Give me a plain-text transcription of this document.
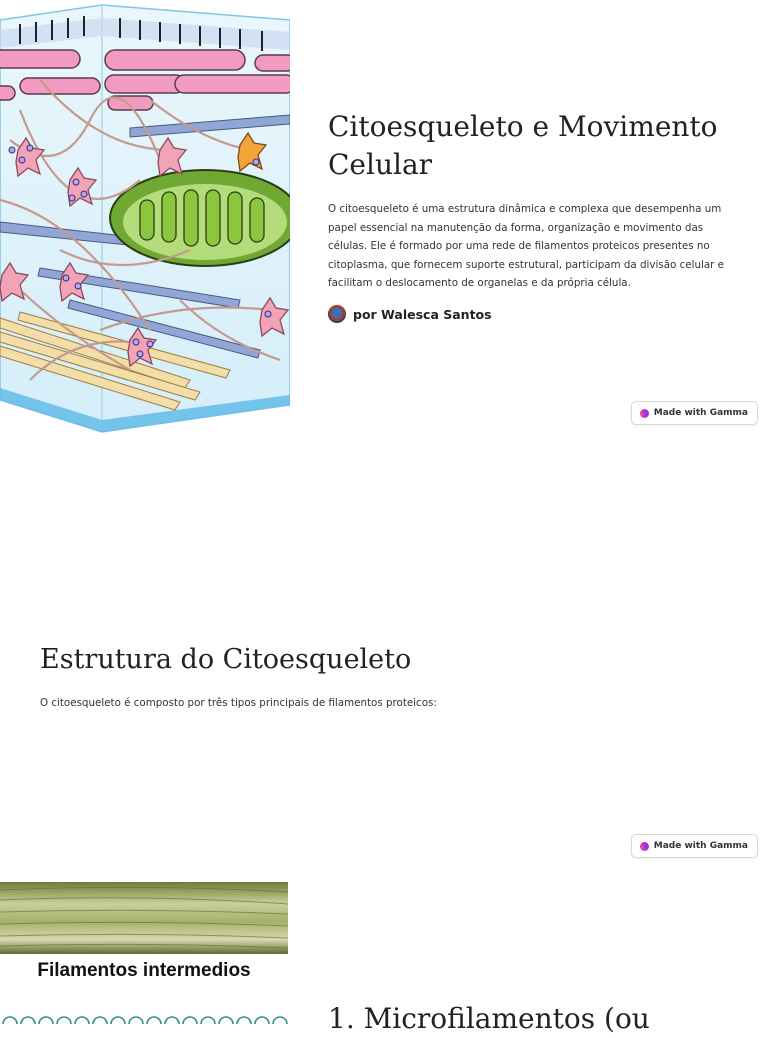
Citoesqueleto e Movimento Celular

O citoesqueleto é uma estrutura dinâmica e complexa que desempenha um papel essencial na manutenção da forma, organização e movimento das células. Ele é formado por uma rede de filamentos proteicos presentes no citoplasma, que fornecem suporte estrutural, participam da divisão celular e facilitam o deslocamento de organelas e da própria célula.

por Walesca Santos
Made with Gamma
Estrutura do Citoesqueleto

O citoesqueleto é composto por três tipos principais de filamentos proteicos:

Made with Gamma
Filamentos intermedios
1. Microfilamentos (ou
